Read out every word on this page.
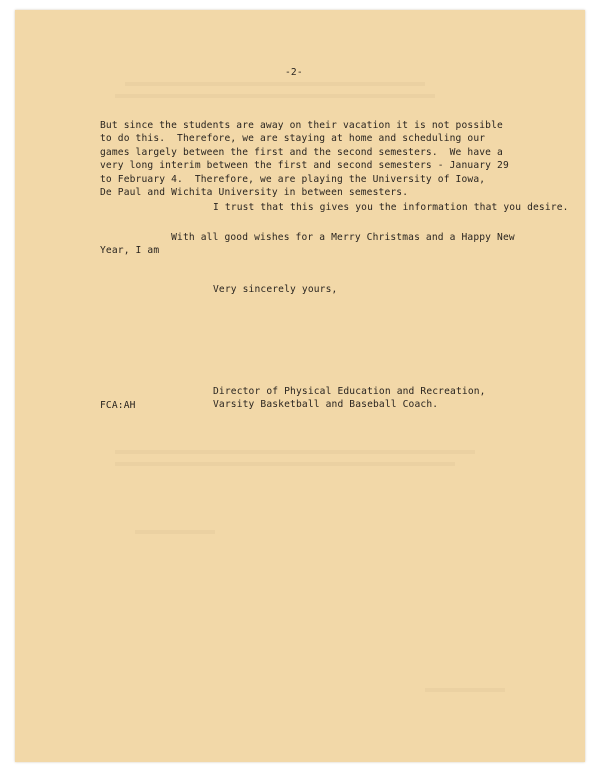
-2-
But since the students are away on their vacation it is not possible
to do this.  Therefore, we are staying at home and scheduling our
games largely between the first and the second semesters.  We have a
very long interim between the first and second semesters - January 29
to February 4.  Therefore, we are playing the University of Iowa,
De Paul and Wichita University in between semesters.
I trust that this gives you the information that you desire.
With all good wishes for a Merry Christmas and a Happy New
Year, I am
Very sincerely yours,
Director of Physical Education and Recreation,
Varsity Basketball and Baseball Coach.
FCA:AH
